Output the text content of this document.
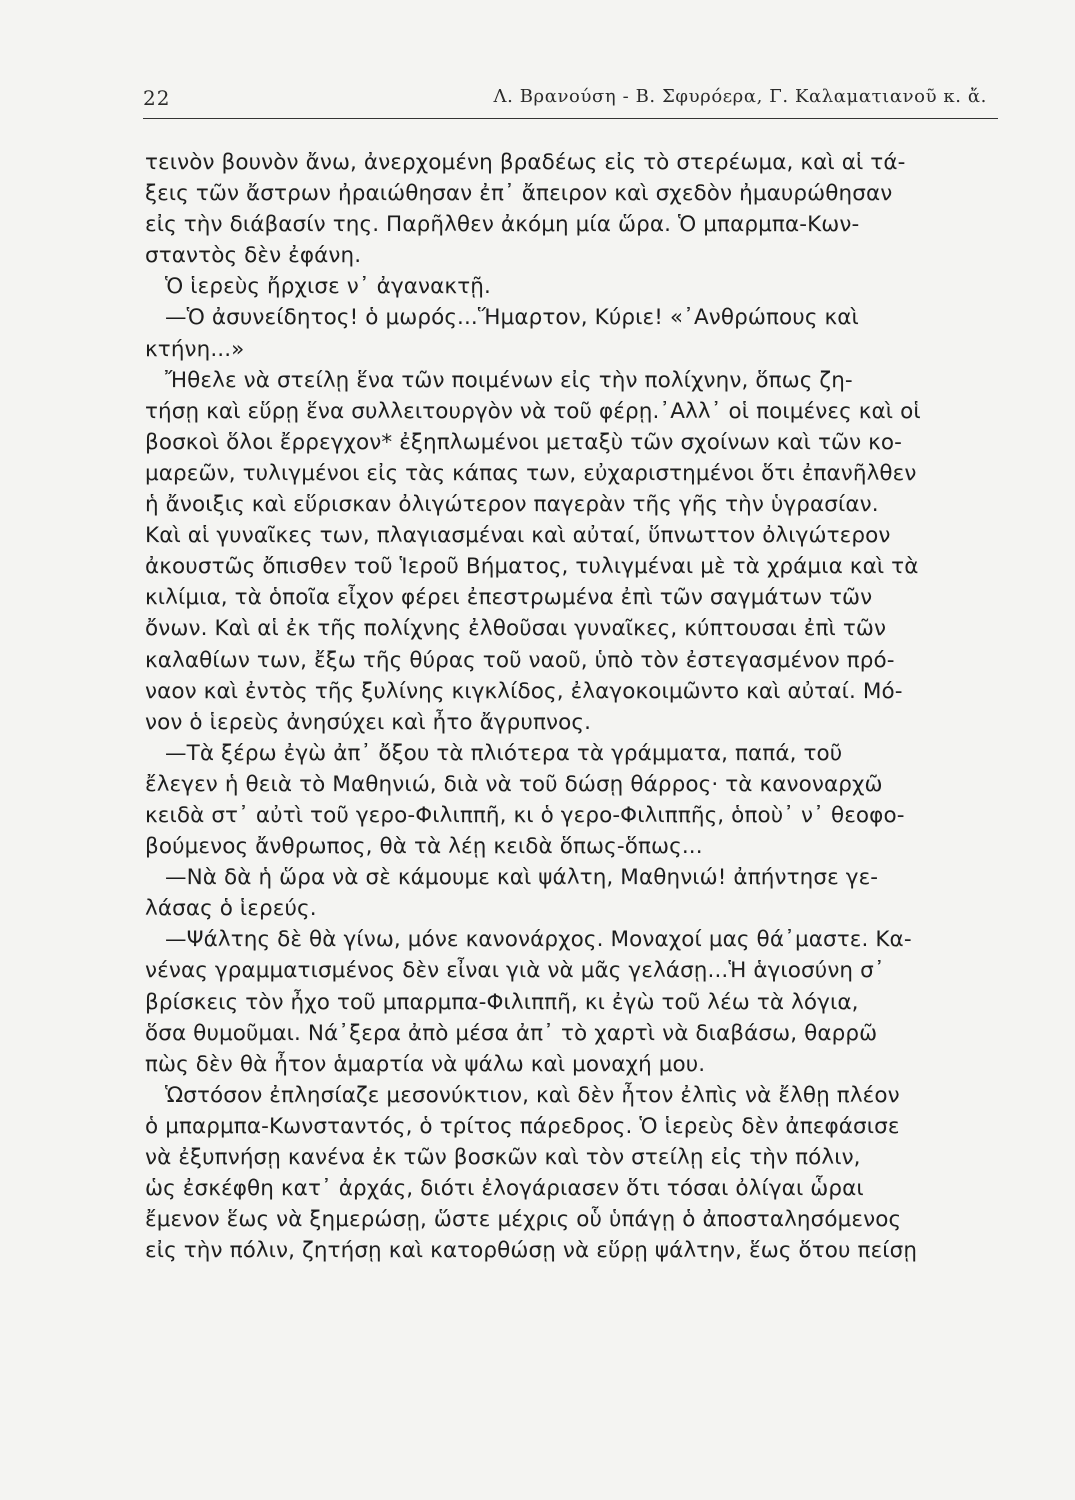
22	Λ. Βρανούση - Β. Σφυρόερα, Γ. Καλαματιανοῦ κ. ἄ.
τεινὸν βουνὸν ἄνω, ἀνερχομένη βραδέως εἰς τὸ στερέωμα, καὶ αἱ τά-
ξεις τῶν ἄστρων ἠραιώθησαν ἐπ᾿ ἄπειρον καὶ σχεδὸν ἠμαυρώθησαν
εἰς τὴν διάβασίν της. Παρῆλθεν ἀκόμη μία ὥρα. Ὁ μπαρμπα-Κων-
σταντὸς δὲν ἐφάνη.
Ὁ ἱερεὺς ἤρχισε ν᾿ ἀγανακτῇ.
—Ὁ ἀσυνείδητος! ὁ μωρός...Ἥμαρτον, Κύριε! «᾿Ανθρώπους καὶ
κτήνη...»
Ἤθελε νὰ στείλῃ ἕνα τῶν ποιμένων εἰς τὴν πολίχνην, ὅπως ζη-
τήσῃ καὶ εὕρῃ ἕνα συλλειτουργὸν νὰ τοῦ φέρῃ.᾿Αλλ᾿ οἱ ποιμένες καὶ οἱ
βοσκοὶ ὅλοι ἔρρεγχον* ἐξηπλωμένοι μεταξὺ τῶν σχοίνων καὶ τῶν κο-
μαρεῶν, τυλιγμένοι εἰς τὰς κάπας των, εὐχαριστημένοι ὅτι ἐπανῆλθεν
ἡ ἄνοιξις καὶ εὕρισκαν ὀλιγώτερον παγερὰν τῆς γῆς τὴν ὑγρασίαν.
Καὶ αἱ γυναῖκες των, πλαγιασμέναι καὶ αὐταί, ὕπνωττον ὀλιγώτερον
ἀκουστῶς ὄπισθεν τοῦ Ἱεροῦ Βήματος, τυλιγμέναι μὲ τὰ χράμια καὶ τὰ
κιλίμια, τὰ ὁποῖα εἶχον φέρει ἐπεστρωμένα ἐπὶ τῶν σαγμάτων τῶν
ὄνων. Καὶ αἱ ἐκ τῆς πολίχνης ἐλθοῦσαι γυναῖκες, κύπτουσαι ἐπὶ τῶν
καλαθίων των, ἔξω τῆς θύρας τοῦ ναοῦ, ὑπὸ τὸν ἐστεγασμένον πρό-
ναον καὶ ἐντὸς τῆς ξυλίνης κιγκλίδος, ἐλαγοκοιμῶντο καὶ αὐταί. Μό-
νον ὁ ἱερεὺς ἀνησύχει καὶ ἦτο ἄγρυπνος.
—Τὰ ξέρω ἐγὼ ἀπ᾿ ὄξου τὰ πλιότερα τὰ γράμματα, παπά, τοῦ
ἔλεγεν ἡ θειὰ τὸ Μαθηνιώ, διὰ νὰ τοῦ δώσῃ θάρρος· τὰ κανοναρχῶ
κειδὰ στ᾿ αὐτὶ τοῦ γερο-Φιλιππῆ, κι ὁ γερο-Φιλιππῆς, ὁποὺ᾿ ν᾿ θεοφο-
βούμενος ἄνθρωπος, θὰ τὰ λέῃ κειδὰ ὅπως-ὅπως...
—Νὰ δὰ ἡ ὥρα νὰ σὲ κάμουμε καὶ ψάλτη, Μαθηνιώ! ἀπήντησε γε-
λάσας ὁ ἱερεύς.
—Ψάλτης δὲ θὰ γίνω, μόνε κανονάρχος. Μοναχοί μας θά᾿μαστε. Κα-
νένας γραμματισμένος δὲν εἶναι γιὰ νὰ μᾶς γελάσῃ...Ἡ ἁγιοσύνη σ᾿
βρίσκεις τὸν ἦχο τοῦ μπαρμπα-Φιλιππῆ, κι ἐγὼ τοῦ λέω τὰ λόγια,
ὅσα θυμοῦμαι. Νά᾿ξερα ἀπὸ μέσα ἀπ᾿ τὸ χαρτὶ νὰ διαβάσω, θαρρῶ
πὼς δὲν θὰ ἦτον ἁμαρτία νὰ ψάλω καὶ μοναχή μου.
Ὡστόσον ἐπλησίαζε μεσονύκτιον, καὶ δὲν ἦτον ἐλπὶς νὰ ἔλθῃ πλέον
ὁ μπαρμπα-Κωνσταντός, ὁ τρίτος πάρεδρος. Ὁ ἱερεὺς δὲν ἀπεφάσισε
νὰ ἐξυπνήσῃ κανένα ἐκ τῶν βοσκῶν καὶ τὸν στείλῃ εἰς τὴν πόλιν,
ὡς ἐσκέφθη κατ᾿ ἀρχάς, διότι ἐλογάριασεν ὅτι τόσαι ὀλίγαι ὧραι
ἔμενον ἕως νὰ ξημερώσῃ, ὥστε μέχρις οὗ ὑπάγῃ ὁ ἀποσταλησόμενος
εἰς τὴν πόλιν, ζητήσῃ καὶ κατορθώσῃ νὰ εὕρῃ ψάλτην, ἕως ὅτου πείσῃ
